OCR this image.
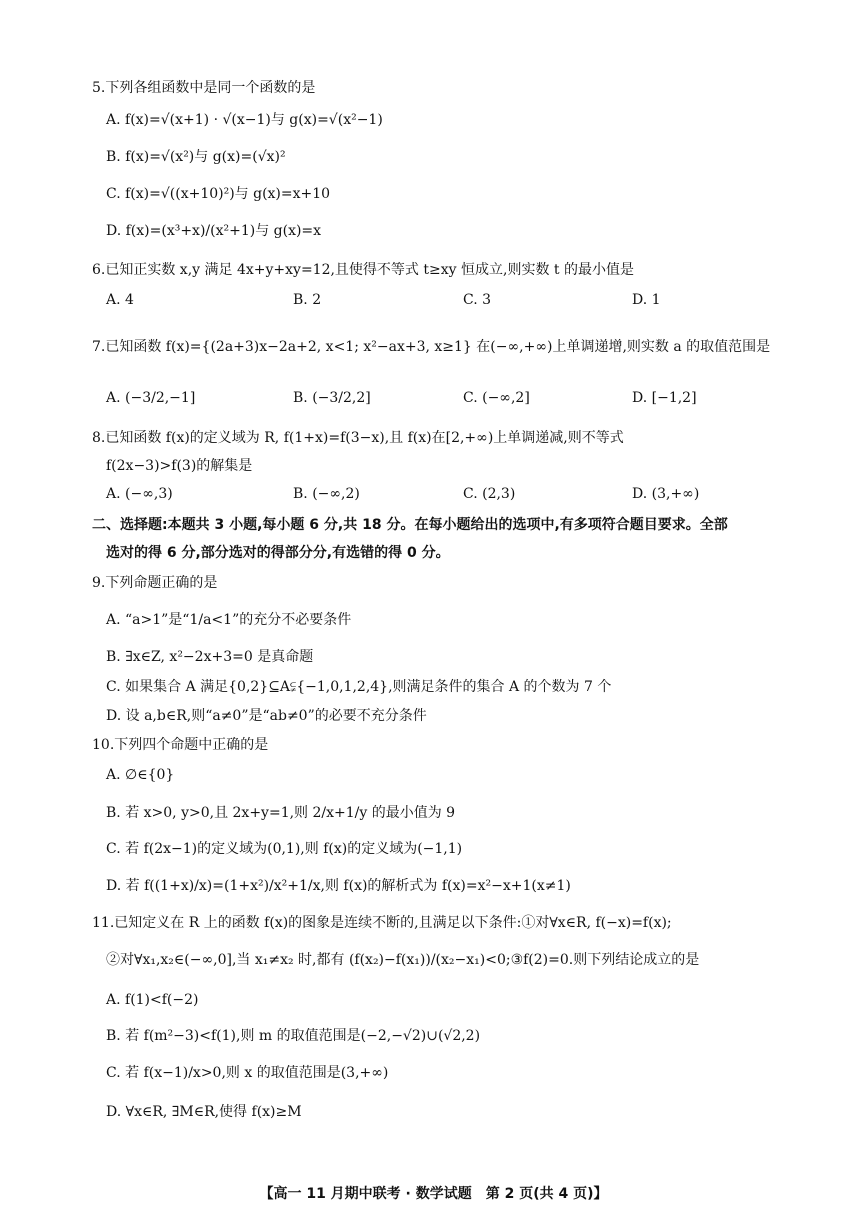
5.下列各组函数中是同一个函数的是
A. f(x)=√(x+1) · √(x−1)与 g(x)=√(x²−1)
B. f(x)=√(x²)与 g(x)=(√x)²
C. f(x)=√((x+10)²)与 g(x)=x+10
D. f(x)=(x³+x)/(x²+1)与 g(x)=x
6.已知正实数 x,y 满足 4x+y+xy=12,且使得不等式 t≥xy 恒成立,则实数 t 的最小值是
A. 4	B. 2	C. 3	D. 1
7.已知函数 f(x)={(2a+3)x−2a+2, x<1; x²−ax+3, x≥1} 在(−∞,+∞)上单调递增,则实数 a 的取值范围是
A. (−3/2,−1]	B. (−3/2,2]	C. (−∞,2]	D. [−1,2]
8.已知函数 f(x)的定义域为 R, f(1+x)=f(3−x),且 f(x)在[2,+∞)上单调递减,则不等式
f(2x−3)>f(3)的解集是
A. (−∞,3)	B. (−∞,2)	C. (2,3)	D. (3,+∞)
二、选择题:本题共 3 小题,每小题 6 分,共 18 分。在每小题给出的选项中,有多项符合题目要求。全部
选对的得 6 分,部分选对的得部分分,有选错的得 0 分。
9.下列命题正确的是
A. “a>1”是“1/a<1”的充分不必要条件
B. ∃x∈Z, x²−2x+3=0 是真命题
C. 如果集合 A 满足{0,2}⊆A⫋{−1,0,1,2,4},则满足条件的集合 A 的个数为 7 个
D. 设 a,b∈R,则“a≠0”是“ab≠0”的必要不充分条件
10.下列四个命题中正确的是
A. ∅∈{0}
B. 若 x>0, y>0,且 2x+y=1,则 2/x+1/y 的最小值为 9
C. 若 f(2x−1)的定义域为(0,1),则 f(x)的定义域为(−1,1)
D. 若 f((1+x)/x)=(1+x²)/x²+1/x,则 f(x)的解析式为 f(x)=x²−x+1(x≠1)
11.已知定义在 R 上的函数 f(x)的图象是连续不断的,且满足以下条件:①对∀x∈R, f(−x)=f(x);
②对∀x₁,x₂∈(−∞,0],当 x₁≠x₂ 时,都有 (f(x₂)−f(x₁))/(x₂−x₁)<0;③f(2)=0.则下列结论成立的是
A. f(1)<f(−2)
B. 若 f(m²−3)<f(1),则 m 的取值范围是(−2,−√2)∪(√2,2)
C. 若 f(x−1)/x>0,则 x 的取值范围是(3,+∞)
D. ∀x∈R, ∃M∈R,使得 f(x)≥M
【高一 11 月期中联考 · 数学试题　第 2 页(共 4 页)】
